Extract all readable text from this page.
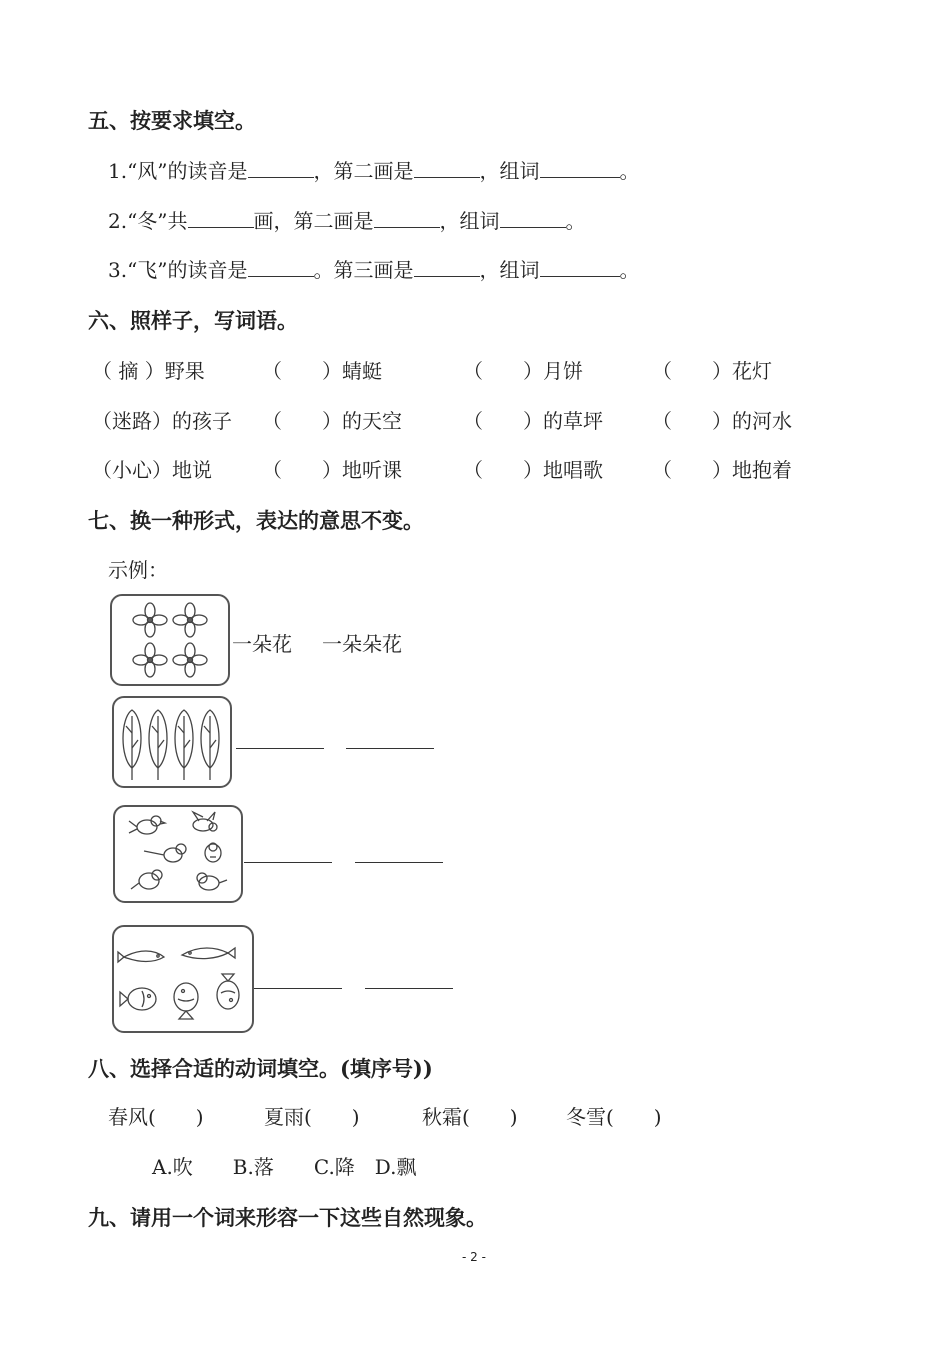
五、按要求填空。
1.“风”的读音是	，第二画是	，组词	。
2.“冬”共	画，第二画是	，组词	。
3.“飞”的读音是	。第三画是	，组词	。
六、照样子，写词语。
（ 摘 ）野果	（　　）蜻蜓	（　　）月饼	（　　）花灯
（迷路）的孩子 （　　）的天空	（　　）的草坪 （　　）的河水
（小心）地说	（　　）地听课	（　　）地唱歌 （　　）地抱着
七、换一种形式，表达的意思不变。
示例：
一朵花 一朵朵花
八、选择合适的动词填空。(填序号))
春风(　　)	夏雨(　　)	秋霜(　　) 冬雪(　　)
A.吹　　B.落　　C.降　D.飘
九、请用一个词来形容一下这些自然现象。
- 2 -
